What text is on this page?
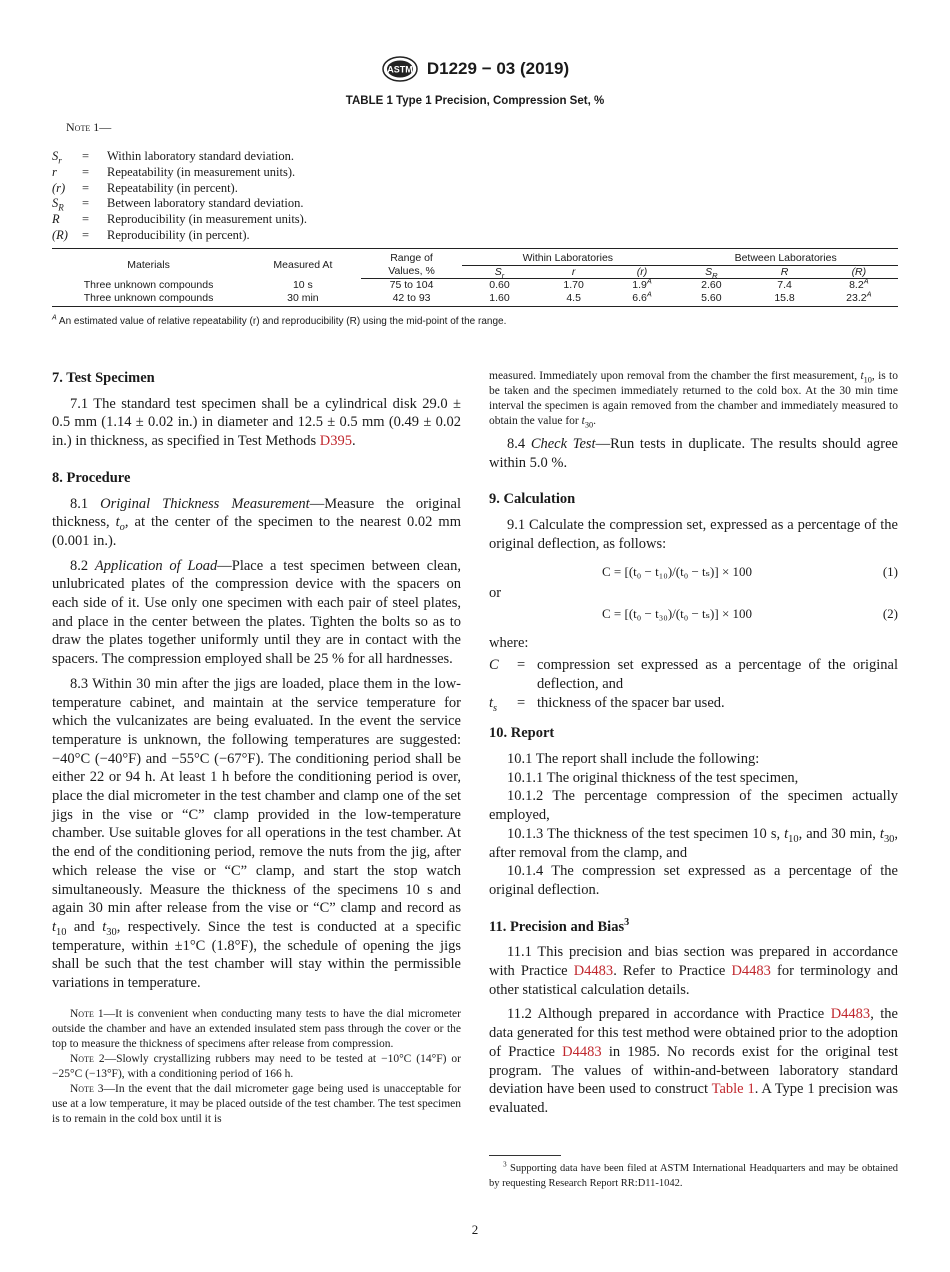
ASTM D1229 − 03 (2019)
TABLE 1 Type 1 Precision, Compression Set, %
Note 1—
$S_r$ = Within laboratory standard deviation.
r = Repeatability (in measurement units).
(r) = Repeatability (in percent).
$S_R$ = Between laboratory standard deviation.
R = Reproducibility (in measurement units).
(R) = Reproducibility (in percent).
Materials	Measured At	Range of	Within Laboratories			Between Laboratories		
		Values, %	$S_r$	r	(r)	$S_R$	R	(R)
Three unknown compounds	10 s	75 to 104	0.60	1.70	$1.9^A$	2.60	7.4	$8.2^A$
Three unknown compounds	30 min	42 to 93	1.60	4.5	$6.6^A$	5.60	15.8	$23.2^A$
$^A$ An estimated value of relative repeatability (r) and reproducibility (R) using the mid-point of the range.
7. Test Specimen

7.1 The standard test specimen shall be a cylindrical disk 29.0 ± 0.5 mm (1.14 ± 0.02 in.) in diameter and 12.5 ± 0.5 mm (0.49 ± 0.02 in.) in thickness, as specified in Test Methods D395.

8. Procedure

8.1 Original Thickness Measurement—Measure the original thickness, $t_o$, at the center of the specimen to the nearest 0.02 mm (0.001 in.).

8.2 Application of Load—Place a test specimen between clean, unlubricated plates of the compression device with the spacers on each side of it. Use only one specimen with each pair of steel plates, and place in the center between the plates. Tighten the bolts so as to draw the plates together uniformly until they are in contact with the spacers. The compression employed shall be 25 % for all hardnesses.

8.3 Within 30 min after the jigs are loaded, place them in the low-temperature cabinet, and maintain at the service temperature for which the vulcanizates are being evaluated. In the event the service temperature is unknown, the following temperatures are suggested: −40°C (−40°F) and −55°C (−67°F). The conditioning period shall be either 22 or 94 h. At least 1 h before the conditioning period is over, place the dial micrometer in the test chamber and clamp one of the set jigs in the vise or “C” clamp provided in the low-temperature chamber. Use suitable gloves for all operations in the test chamber. At the end of the conditioning period, remove the nuts from the jig, after which release the vise or “C” clamp, and start the stop watch simultaneously. Measure the thickness of the specimens 10 s and again 30 min after release from the vise or “C” clamp and record as $t_{10}$ and $t_{30}$, respectively. Since the test is conducted at a specific temperature, within ±1°C (1.8°F), the schedule of opening the jigs shall be such that the test chamber will stay within the permissible variations in temperature.

Note 1—It is convenient when conducting many tests to have the dial micrometer outside the chamber and have an extended insulated stem pass through the cover or the top to measure the thickness of specimens after release from compression.
Note 2—Slowly crystallizing rubbers may need to be tested at −10°C (14°F) or −25°C (−13°F), with a conditioning period of 166 h.
Note 3—In the event that the dail micrometer gage being used is unacceptable for use at a low temperature, it may be placed outside of the test chamber. The test specimen is to remain in the cold box until it is
measured. Immediately upon removal from the chamber the first measurement, $t_{10}$, is to be taken and the specimen immediately returned to the cold box. At the 30 min time interval the specimen is again removed from the chamber and immediately measured to obtain the value for $t_{30}$.

8.4 Check Test—Run tests in duplicate. The results should agree within 5.0 %.

9. Calculation

9.1 Calculate the compression set, expressed as a percentage of the original deflection, as follows:

C = [(t₀ − t₁₀)/(t₀ − tₛ)] × 100	(1)
or
C = [(t₀ − t₃₀)/(t₀ − tₛ)] × 100	(2)
where:
C	= compression set expressed as a percentage of the original deflection, and
$t_s$	= thickness of the spacer bar used.
10. Report

10.1 The report shall include the following:

10.1.1 The original thickness of the test specimen,

10.1.2 The percentage compression of the specimen actually employed,

10.1.3 The thickness of the test specimen 10 s, $t_{10}$, and 30 min, $t_{30}$, after removal from the clamp, and

10.1.4 The compression set expressed as a percentage of the original deflection.

11. Precision and Bias$^3$

11.1 This precision and bias section was prepared in accordance with Practice D4483. Refer to Practice D4483 for terminology and other statistical calculation details.

11.2 Although prepared in accordance with Practice D4483, the data generated for this test method were obtained prior to the adoption of Practice D4483 in 1985. No records exist for the original test program. The values of within-and-between laboratory standard deviation have been used to construct Table 1. A Type 1 precision was evaluated.

$^3$ Supporting data have been filed at ASTM International Headquarters and may be obtained by requesting Research Report RR:D11-1042.
2
